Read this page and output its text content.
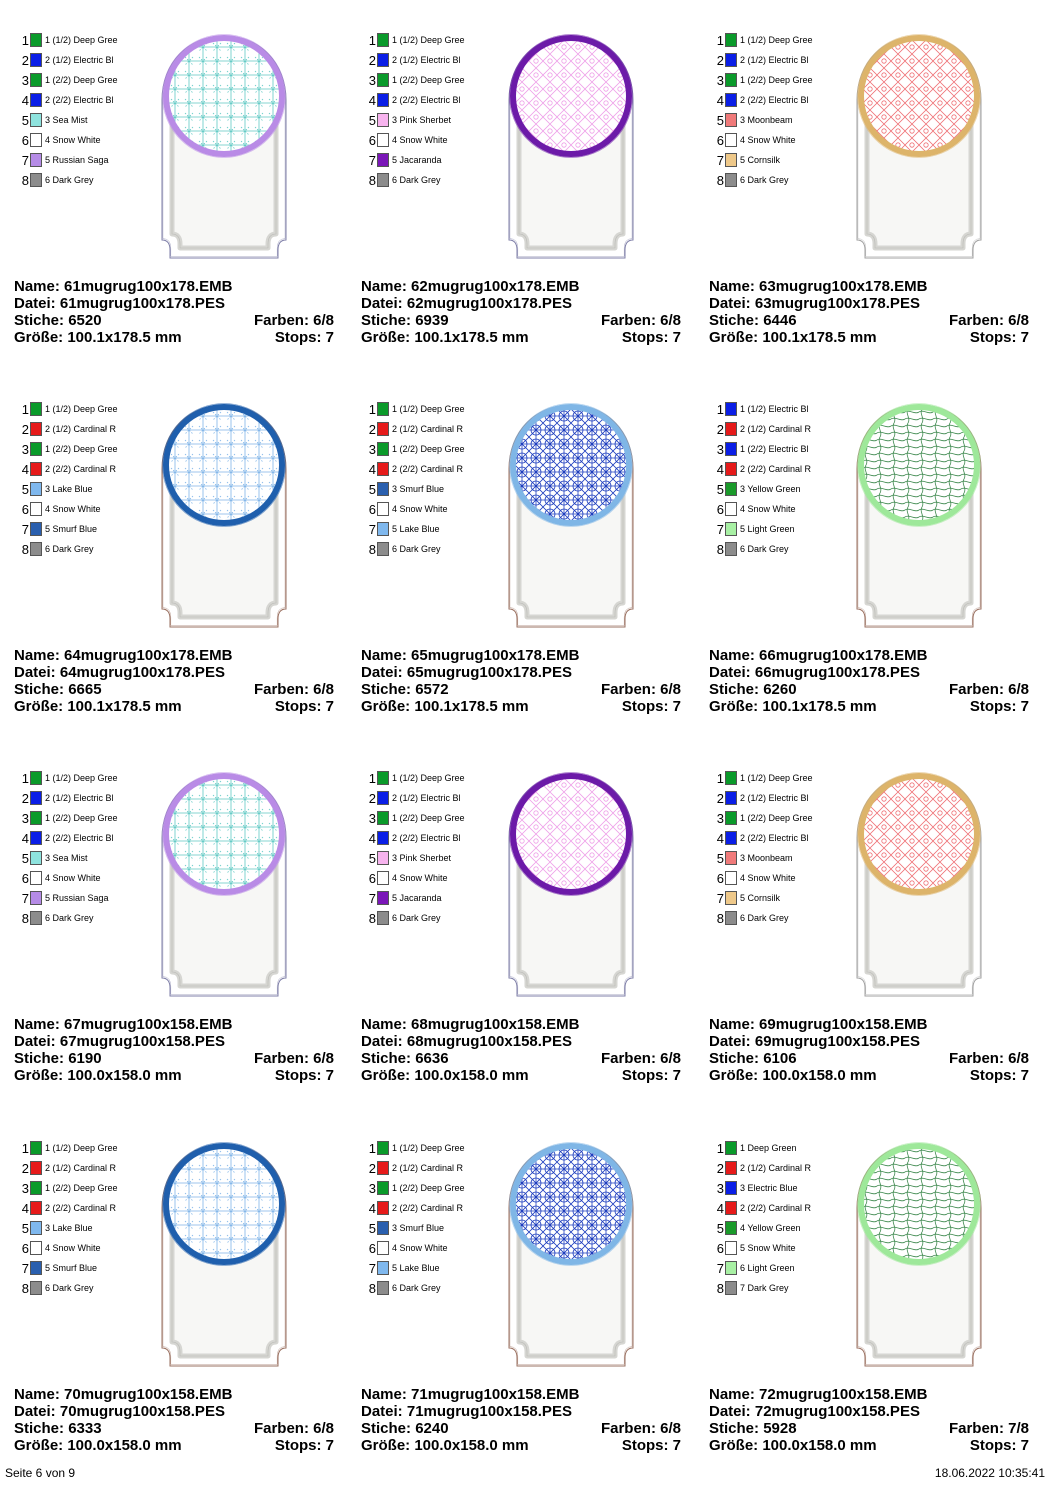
1 1 (1/2) Deep Gree
2 2 (1/2) Electric Bl
3 1 (2/2) Deep Gree
4 2 (2/2) Electric Bl
5 3 Sea Mist
6 4 Snow White
7 5 Russian Saga
8 6 Dark Grey
Name: 61mugrug100x178.EMB
Datei: 61mugrug100x178.PES
Stiche: 6520	Farben: 6/8
Größe: 100.1x178.5 mm	Stops: 7
1 1 (1/2) Deep Gree
2 2 (1/2) Electric Bl
3 1 (2/2) Deep Gree
4 2 (2/2) Electric Bl
5 3 Pink Sherbet
6 4 Snow White
7 5 Jacaranda
8 6 Dark Grey
Name: 62mugrug100x178.EMB
Datei: 62mugrug100x178.PES
Stiche: 6939	Farben: 6/8
Größe: 100.1x178.5 mm	Stops: 7
1 1 (1/2) Deep Gree
2 2 (1/2) Electric Bl
3 1 (2/2) Deep Gree
4 2 (2/2) Electric Bl
5 3 Moonbeam
6 4 Snow White
7 5 Cornsilk
8 6 Dark Grey
Name: 63mugrug100x178.EMB
Datei: 63mugrug100x178.PES
Stiche: 6446	Farben: 6/8
Größe: 100.1x178.5 mm	Stops: 7
1 1 (1/2) Deep Gree
2 2 (1/2) Cardinal R
3 1 (2/2) Deep Gree
4 2 (2/2) Cardinal R
5 3 Lake Blue
6 4 Snow White
7 5 Smurf Blue
8 6 Dark Grey
Name: 64mugrug100x178.EMB
Datei: 64mugrug100x178.PES
Stiche: 6665	Farben: 6/8
Größe: 100.1x178.5 mm	Stops: 7
1 1 (1/2) Deep Gree
2 2 (1/2) Cardinal R
3 1 (2/2) Deep Gree
4 2 (2/2) Cardinal R
5 3 Smurf Blue
6 4 Snow White
7 5 Lake Blue
8 6 Dark Grey
Name: 65mugrug100x178.EMB
Datei: 65mugrug100x178.PES
Stiche: 6572	Farben: 6/8
Größe: 100.1x178.5 mm	Stops: 7
1 1 (1/2) Electric Bl
2 2 (1/2) Cardinal R
3 1 (2/2) Electric Bl
4 2 (2/2) Cardinal R
5 3 Yellow Green
6 4 Snow White
7 5 Light Green
8 6 Dark Grey
Name: 66mugrug100x178.EMB
Datei: 66mugrug100x178.PES
Stiche: 6260	Farben: 6/8
Größe: 100.1x178.5 mm	Stops: 7
1 1 (1/2) Deep Gree
2 2 (1/2) Electric Bl
3 1 (2/2) Deep Gree
4 2 (2/2) Electric Bl
5 3 Sea Mist
6 4 Snow White
7 5 Russian Saga
8 6 Dark Grey
Name: 67mugrug100x158.EMB
Datei: 67mugrug100x158.PES
Stiche: 6190	Farben: 6/8
Größe: 100.0x158.0 mm	Stops: 7
1 1 (1/2) Deep Gree
2 2 (1/2) Electric Bl
3 1 (2/2) Deep Gree
4 2 (2/2) Electric Bl
5 3 Pink Sherbet
6 4 Snow White
7 5 Jacaranda
8 6 Dark Grey
Name: 68mugrug100x158.EMB
Datei: 68mugrug100x158.PES
Stiche: 6636	Farben: 6/8
Größe: 100.0x158.0 mm	Stops: 7
1 1 (1/2) Deep Gree
2 2 (1/2) Electric Bl
3 1 (2/2) Deep Gree
4 2 (2/2) Electric Bl
5 3 Moonbeam
6 4 Snow White
7 5 Cornsilk
8 6 Dark Grey
Name: 69mugrug100x158.EMB
Datei: 69mugrug100x158.PES
Stiche: 6106	Farben: 6/8
Größe: 100.0x158.0 mm	Stops: 7
1 1 (1/2) Deep Gree
2 2 (1/2) Cardinal R
3 1 (2/2) Deep Gree
4 2 (2/2) Cardinal R
5 3 Lake Blue
6 4 Snow White
7 5 Smurf Blue
8 6 Dark Grey
Name: 70mugrug100x158.EMB
Datei: 70mugrug100x158.PES
Stiche: 6333	Farben: 6/8
Größe: 100.0x158.0 mm	Stops: 7
1 1 (1/2) Deep Gree
2 2 (1/2) Cardinal R
3 1 (2/2) Deep Gree
4 2 (2/2) Cardinal R
5 3 Smurf Blue
6 4 Snow White
7 5 Lake Blue
8 6 Dark Grey
Name: 71mugrug100x158.EMB
Datei: 71mugrug100x158.PES
Stiche: 6240	Farben: 6/8
Größe: 100.0x158.0 mm	Stops: 7
1 1 Deep Green
2 2 (1/2) Cardinal R
3 3 Electric Blue
4 2 (2/2) Cardinal R
5 4 Yellow Green
6 5 Snow White
7 6 Light Green
8 7 Dark Grey
Name: 72mugrug100x158.EMB
Datei: 72mugrug100x158.PES
Stiche: 5928	Farben: 7/8
Größe: 100.0x158.0 mm	Stops: 7
Seite 6 von 9	18.06.2022 10:35:41
